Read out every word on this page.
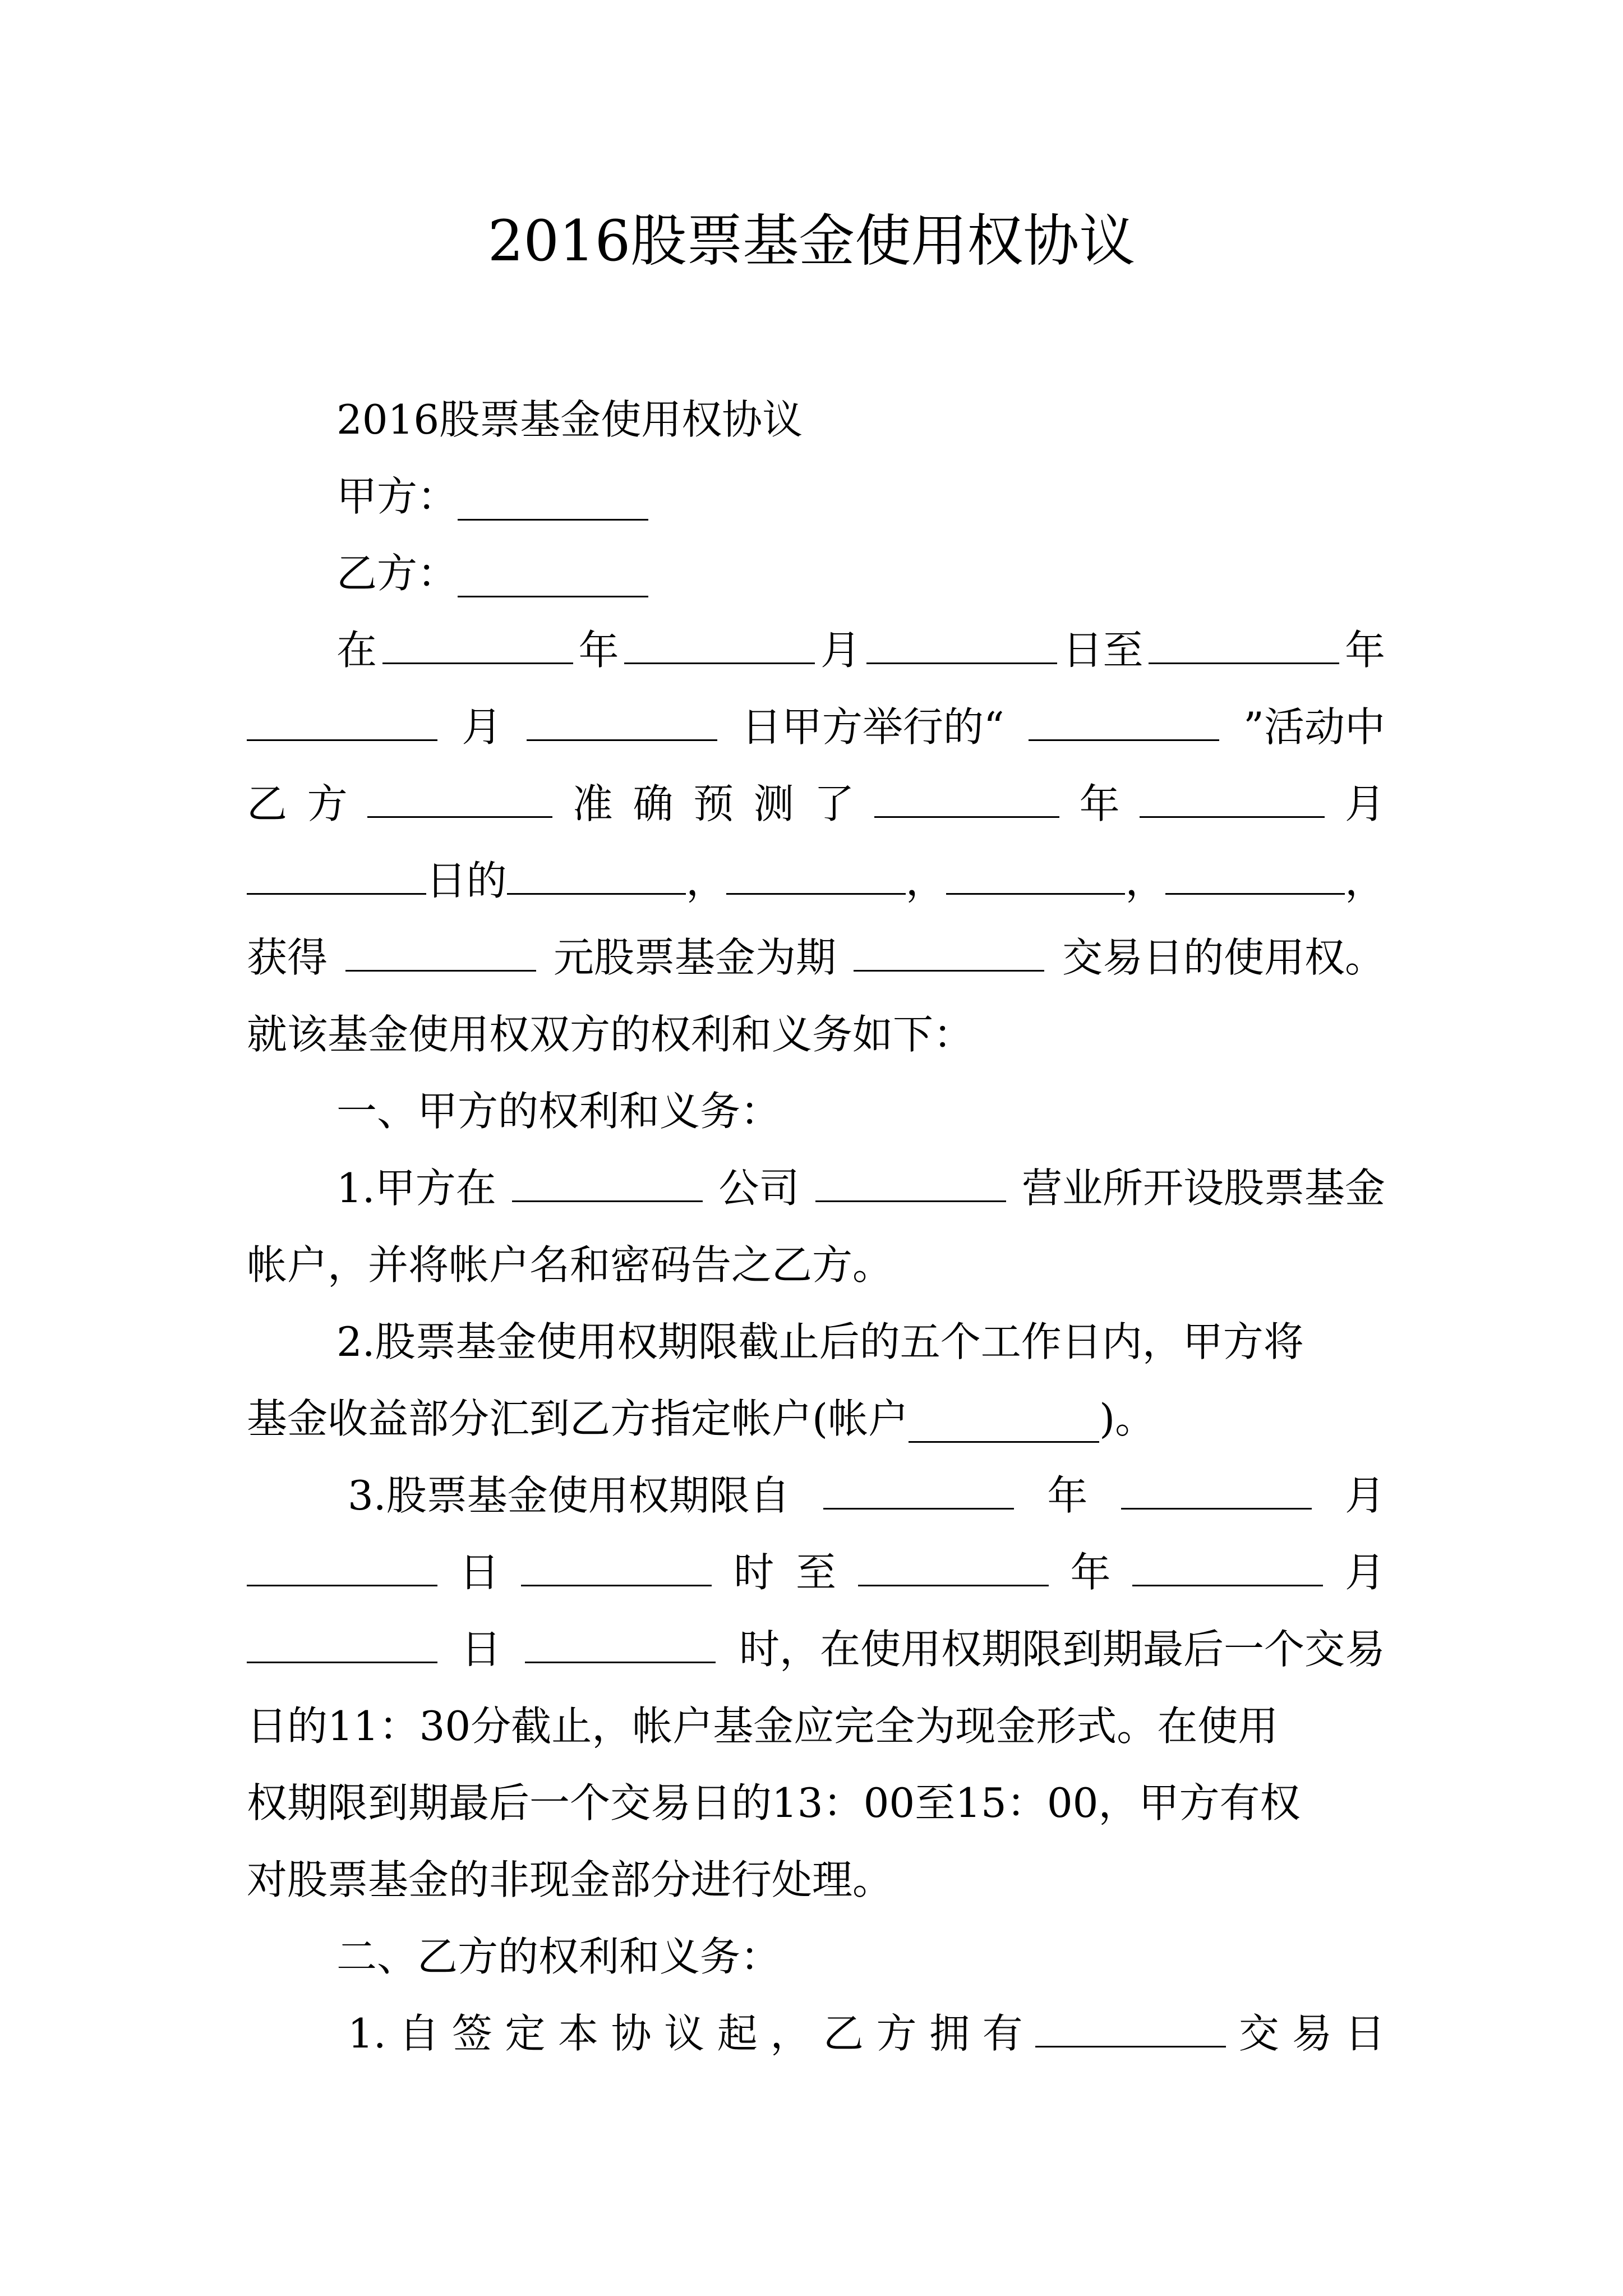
2016股票基金使用权协议
2016股票基金使用权协议
甲方：
乙方：
在	年	月	日至	年
月	日甲方举行的“	”活动中
乙 方	准 确 预 测 了	年	月
日的	，	，	，	，
获得	元股票基金为期	交易日的使用权。
就该基金使用权双方的权利和义务如下：
一、甲方的权利和义务：
1.甲方在	公司	营业所开设股票基金
帐户，并将帐户名和密码告之乙方。
2.股票基金使用权期限截止后的五个工作日内，甲方将
基金收益部分汇到乙方指定帐户(帐户	)。
3.股票基金使用权期限自	年	月
日	时 至	年	月
日	时，在使用权期限到期最后一个交易
日的11：30分截止，帐户基金应完全为现金形式。在使用
权期限到期最后一个交易日的13：00至15：00，甲方有权
对股票基金的非现金部分进行处理。
二、乙方的权利和义务：
1. 自 签 定 本 协 议 起 ， 乙 方 拥 有	交 易 日
